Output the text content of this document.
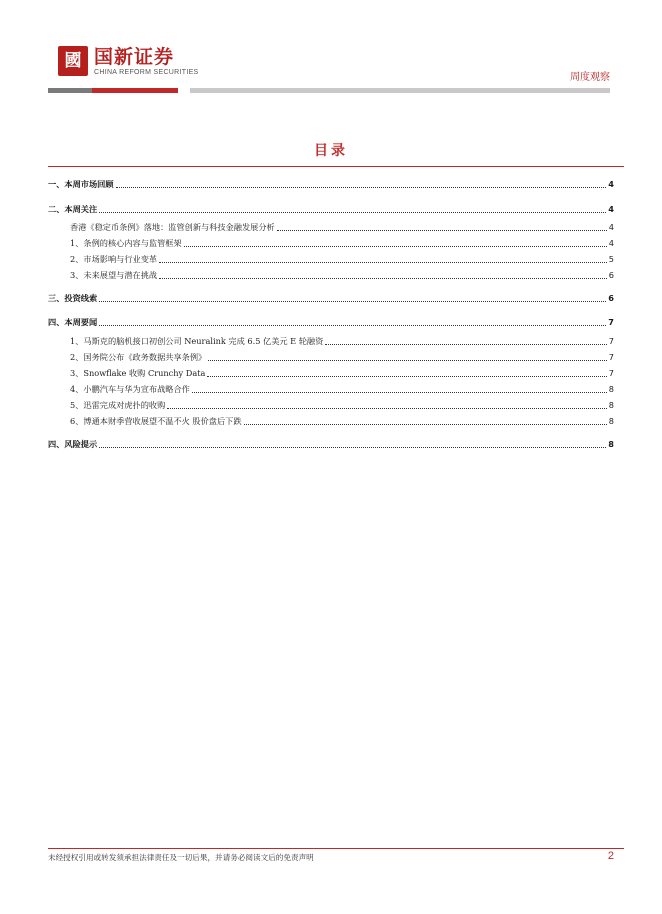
國 国新证券
CHINA REFORM SECURITIES	周度观察
目录
一、本周市场回顾	4
二、本周关注	4
香港《稳定币条例》落地：监管创新与科技金融发展分析	4
1、条例的核心内容与监管框架	4
2、市场影响与行业变革	5
3、未来展望与潜在挑战	6
三、投资线索	6
四、本周要闻	7
1、马斯克的脑机接口初创公司 Neuralink 完成 6.5 亿美元 E 轮融资	7
2、国务院公布《政务数据共享条例》	7
3、Snowflake 收购 Crunchy Data	7
4、小鹏汽车与华为宣布战略合作	8
5、迅雷完成对虎扑的收购	8
6、博通本财季营收展望不温不火 股价盘后下跌	8
四、风险提示	8
未经授权引用或转发须承担法律责任及一切后果，并请务必阅读文后的免责声明	2
